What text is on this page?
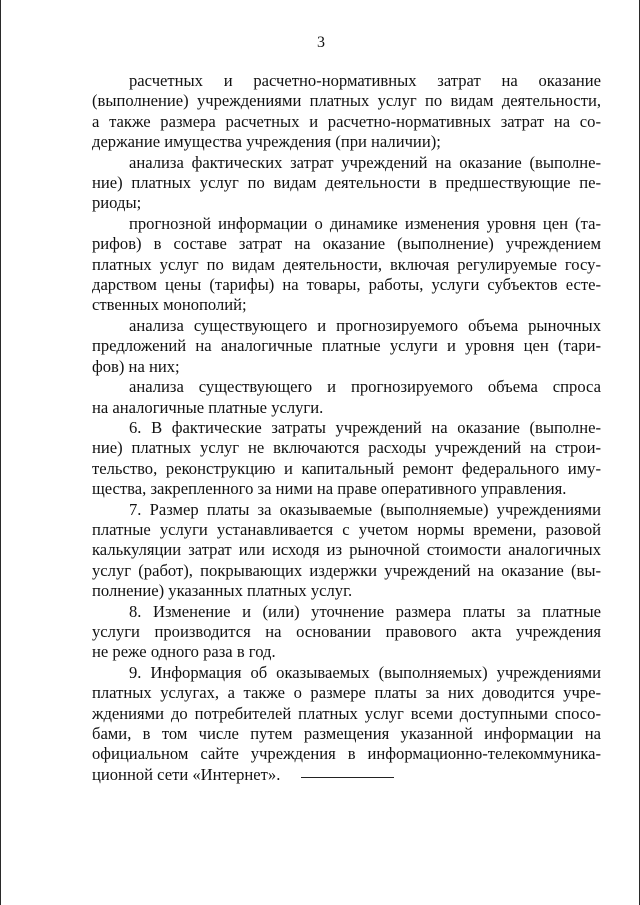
3
расчетных и расчетно-нормативных затрат на оказание
(выполнение) учреждениями платных услуг по видам деятельности,
а также размера расчетных и расчетно-нормативных затрат на со-
держание имущества учреждения (при наличии);
анализа фактических затрат учреждений на оказание (выполне-
ние) платных услуг по видам деятельности в предшествующие пе-
риоды;
прогнозной информации о динамике изменения уровня цен (та-
рифов) в составе затрат на оказание (выполнение) учреждением
платных услуг по видам деятельности, включая регулируемые госу-
дарством цены (тарифы) на товары, работы, услуги субъектов есте-
ственных монополий;
анализа существующего и прогнозируемого объема рыночных
предложений на аналогичные платные услуги и уровня цен (тари-
фов) на них;
анализа существующего и прогнозируемого объема спроса
на аналогичные платные услуги.
6. В фактические затраты учреждений на оказание (выполне-
ние) платных услуг не включаются расходы учреждений на строи-
тельство, реконструкцию и капитальный ремонт федерального иму-
щества, закрепленного за ними на праве оперативного управления.
7. Размер платы за оказываемые (выполняемые) учреждениями
платные услуги устанавливается с учетом нормы времени, разовой
калькуляции затрат или исходя из рыночной стоимости аналогичных
услуг (работ), покрывающих издержки учреждений на оказание (вы-
полнение) указанных платных услуг.
8. Изменение и (или) уточнение размера платы за платные
услуги производится на основании правового акта учреждения
не реже одного раза в год.
9. Информация об оказываемых (выполняемых) учреждениями
платных услугах, а также о размере платы за них доводится учре-
ждениями до потребителей платных услуг всеми доступными спосо-
бами, в том числе путем размещения указанной информации на
официальном сайте учреждения в информационно-телекоммуника-
ционной сети «Интернет».
